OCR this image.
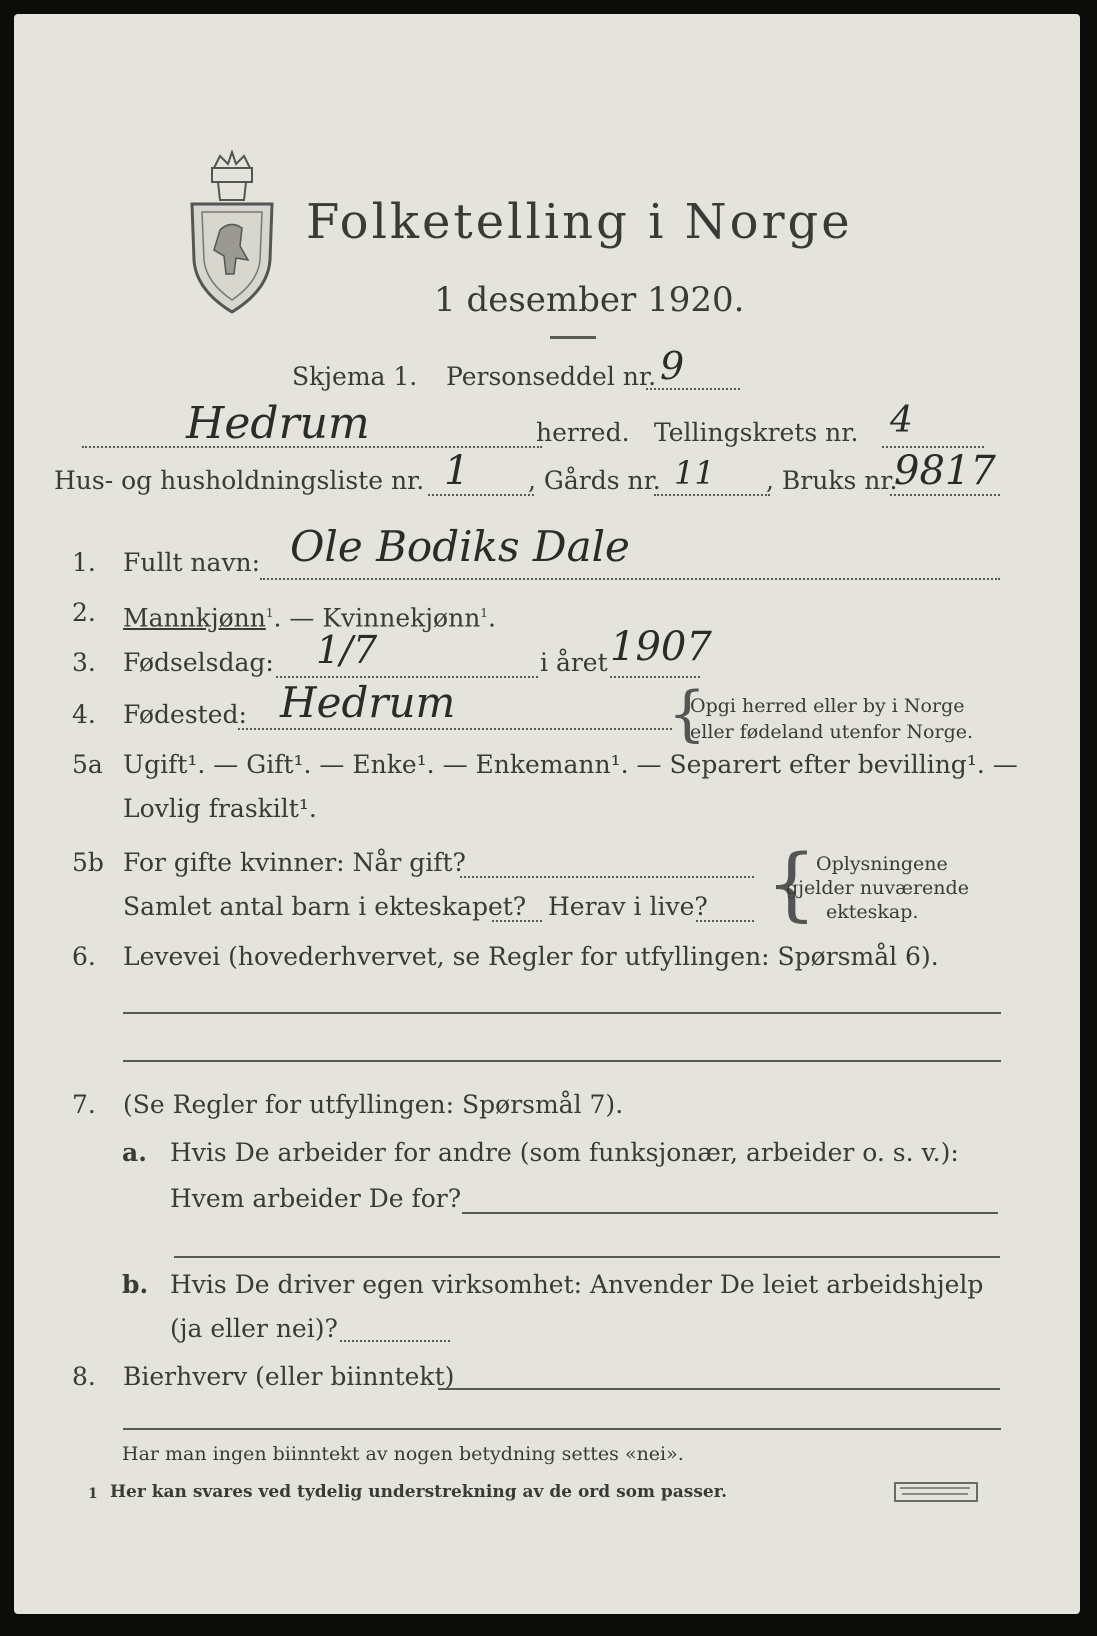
Folketelling i Norge
1 desember 1920.

Skjema 1. Personseddel nr. 9
Hedrum	herred. Tellingskrets nr. 4
Hus- og husholdningsliste nr. 1 , Gårds nr. 11 , Bruks nr.
9817
1. Fullt navn: Ole Bodiks Dale
2. Mannkjønn$^1$. — Kvinnekjønn$^1$.
3. Fødselsdag: 1/7	i året 1907
4. Fødested: Hedrum	{
Opgi herred eller by i Norge
eller fødeland utenfor Norge.
5a Ugift¹. — Gift¹. — Enke¹. — Enkemann¹. — Separert efter bevilling¹. —
Lovlig fraskilt¹.
5b For gifte kvinner: Når gift?
Samlet antal barn i ekteskapet? Herav i live? { Oplysningene
gjelder nuværende
ekteskap.
6. Levevei (hovederhvervet, se Regler for utfyllingen: Spørsmål 6).
7. (Se Regler for utfyllingen: Spørsmål 7).
a. Hvis De arbeider for andre (som funksjonær, arbeider o. s. v.):
Hvem arbeider De for?
b. Hvis De driver egen virksomhet: Anvender De leiet arbeidshjelp
(ja eller nei)?
8. Bierhverv (eller biinntekt)
Har man ingen biinntekt av nogen betydning settes «nei».
1 Her kan svares ved tydelig understrekning av de ord som passer.
